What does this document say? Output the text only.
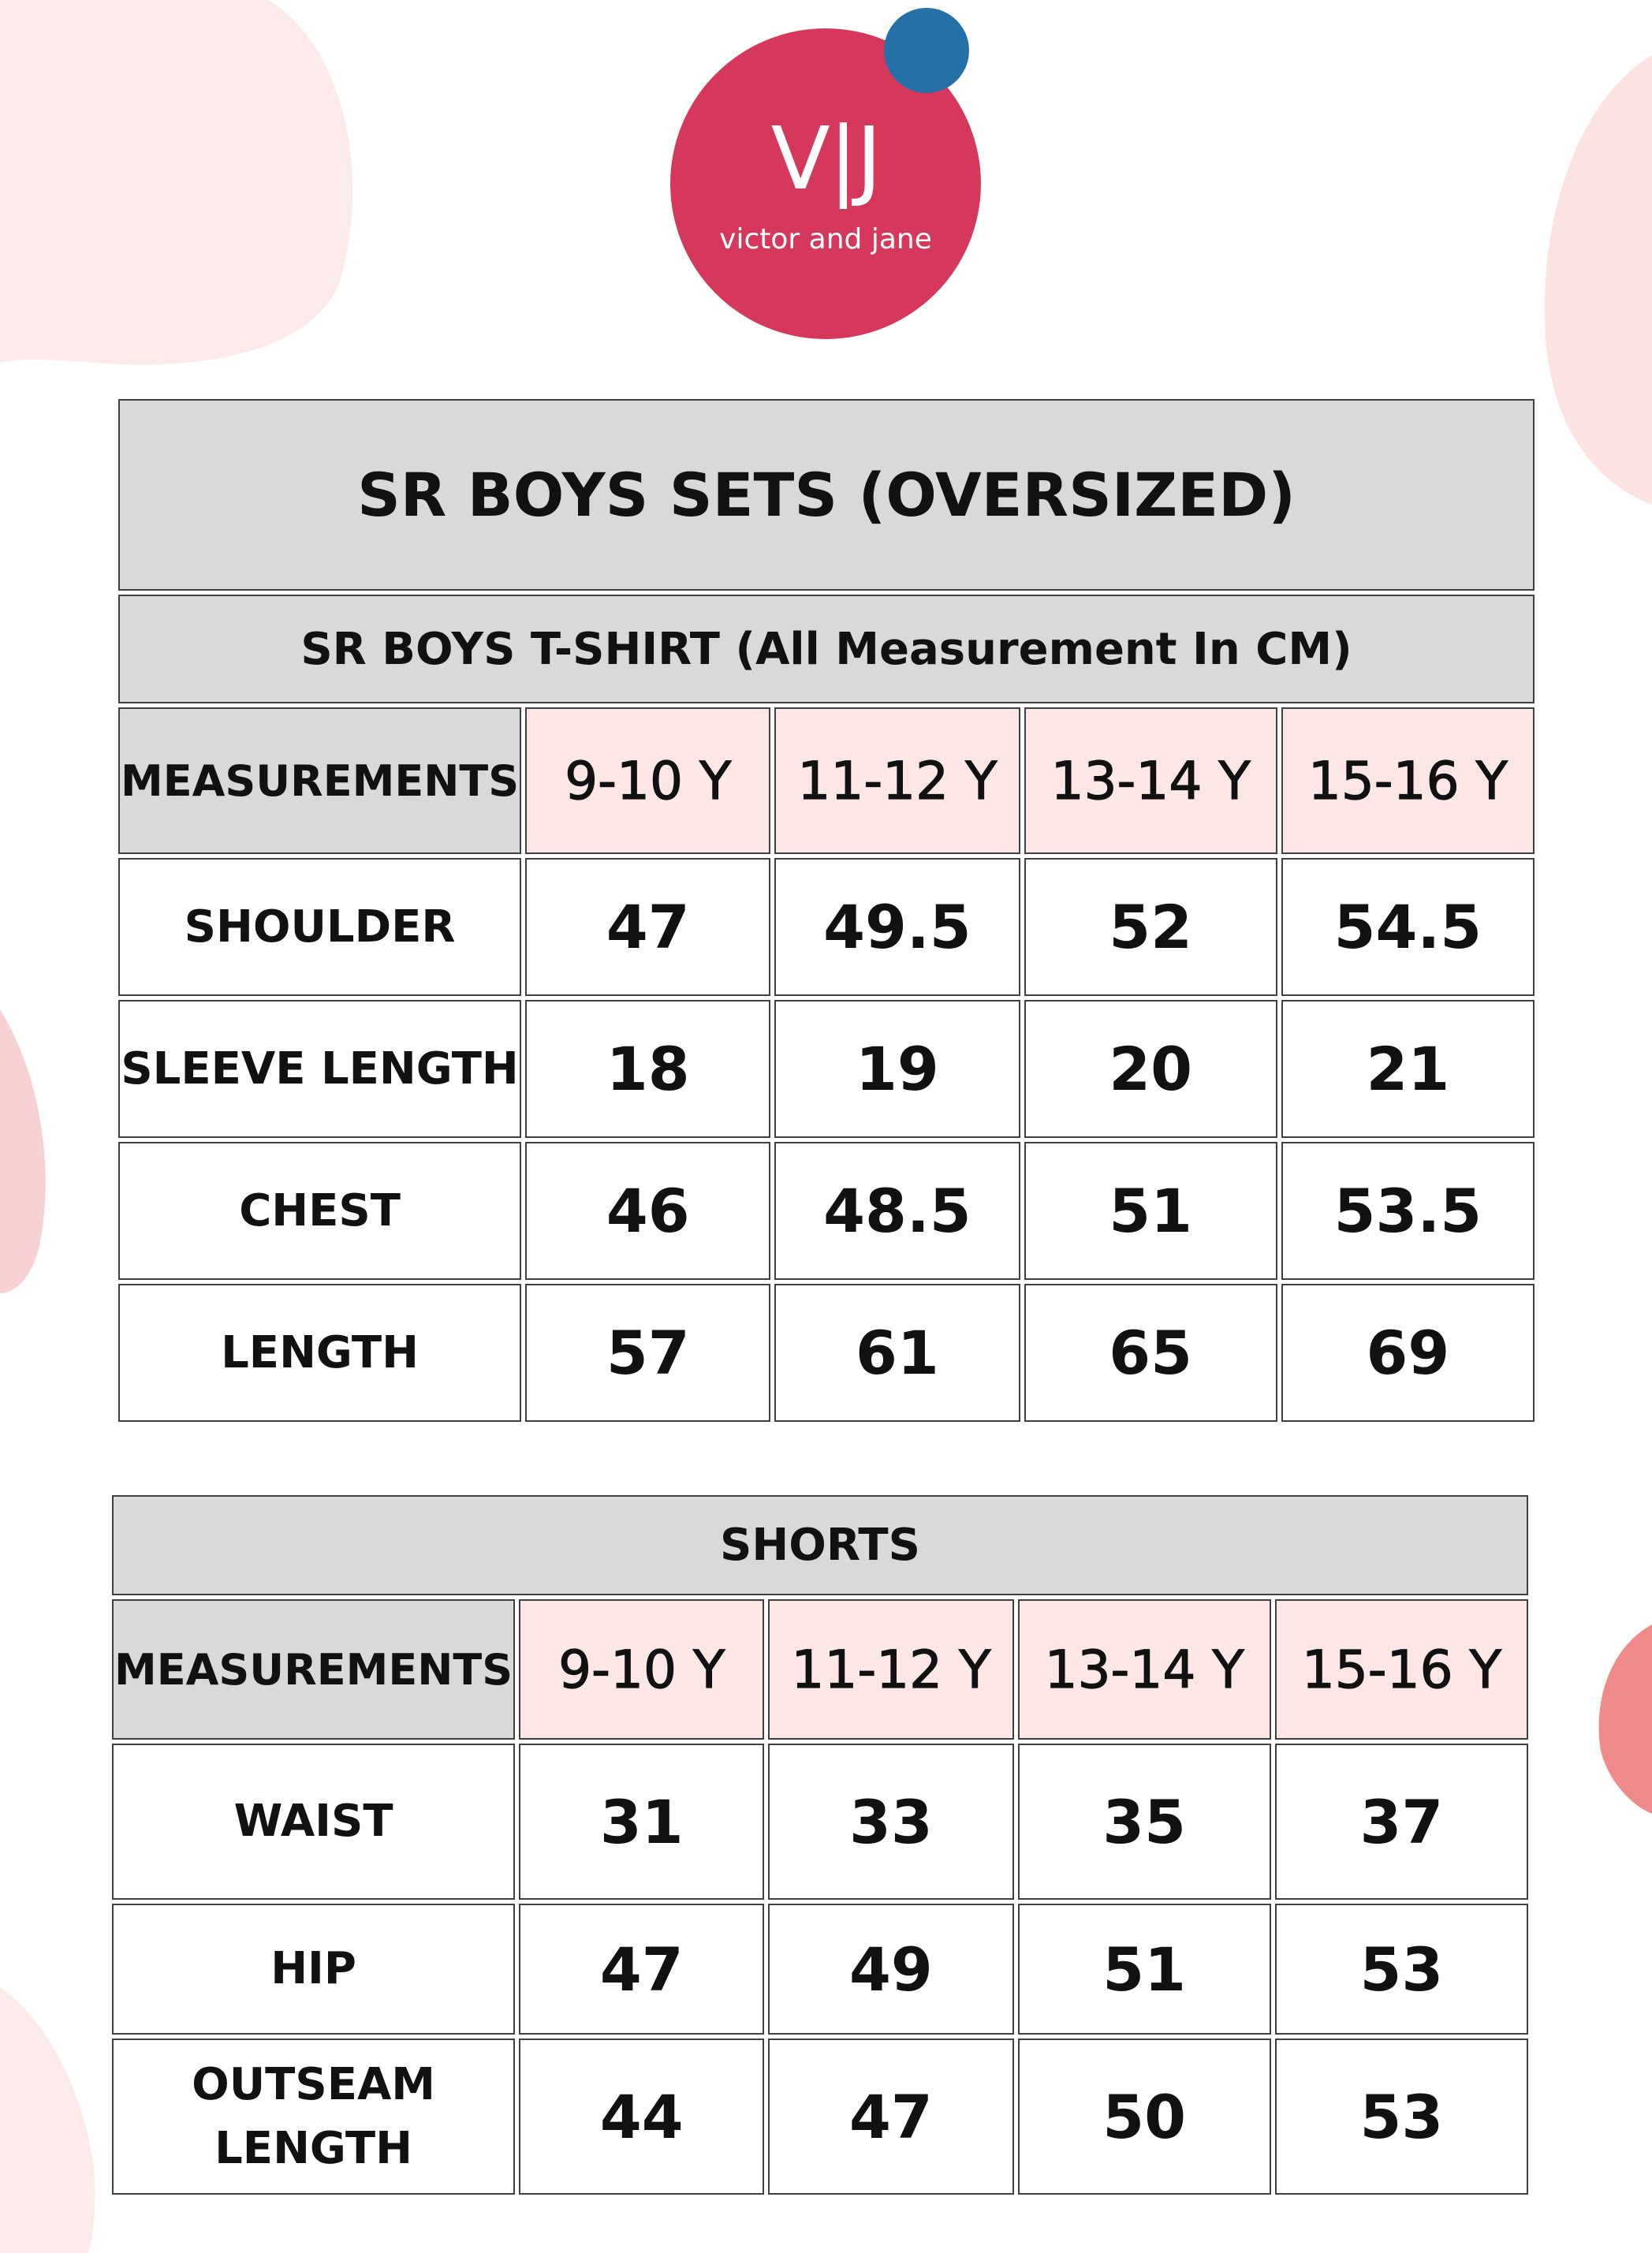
V|J
victor and jane
SR BOYS SETS (OVERSIZED)				
SR BOYS T-SHIRT (All Measurement In CM)				
MEASUREMENTS	9-10 Y	11-12 Y	13-14 Y	15-16 Y
SHOULDER	47	49.5	52	54.5
SLEEVE LENGTH	18	19	20	21
CHEST	46	48.5	51	53.5
LENGTH	57	61	65	69
SHORTS				
MEASUREMENTS	9-10 Y	11-12 Y	13-14 Y	15-16 Y
WAIST	31	33	35	37
HIP	47	49	51	53
OUTSEAM LENGTH	44	47	50	53
